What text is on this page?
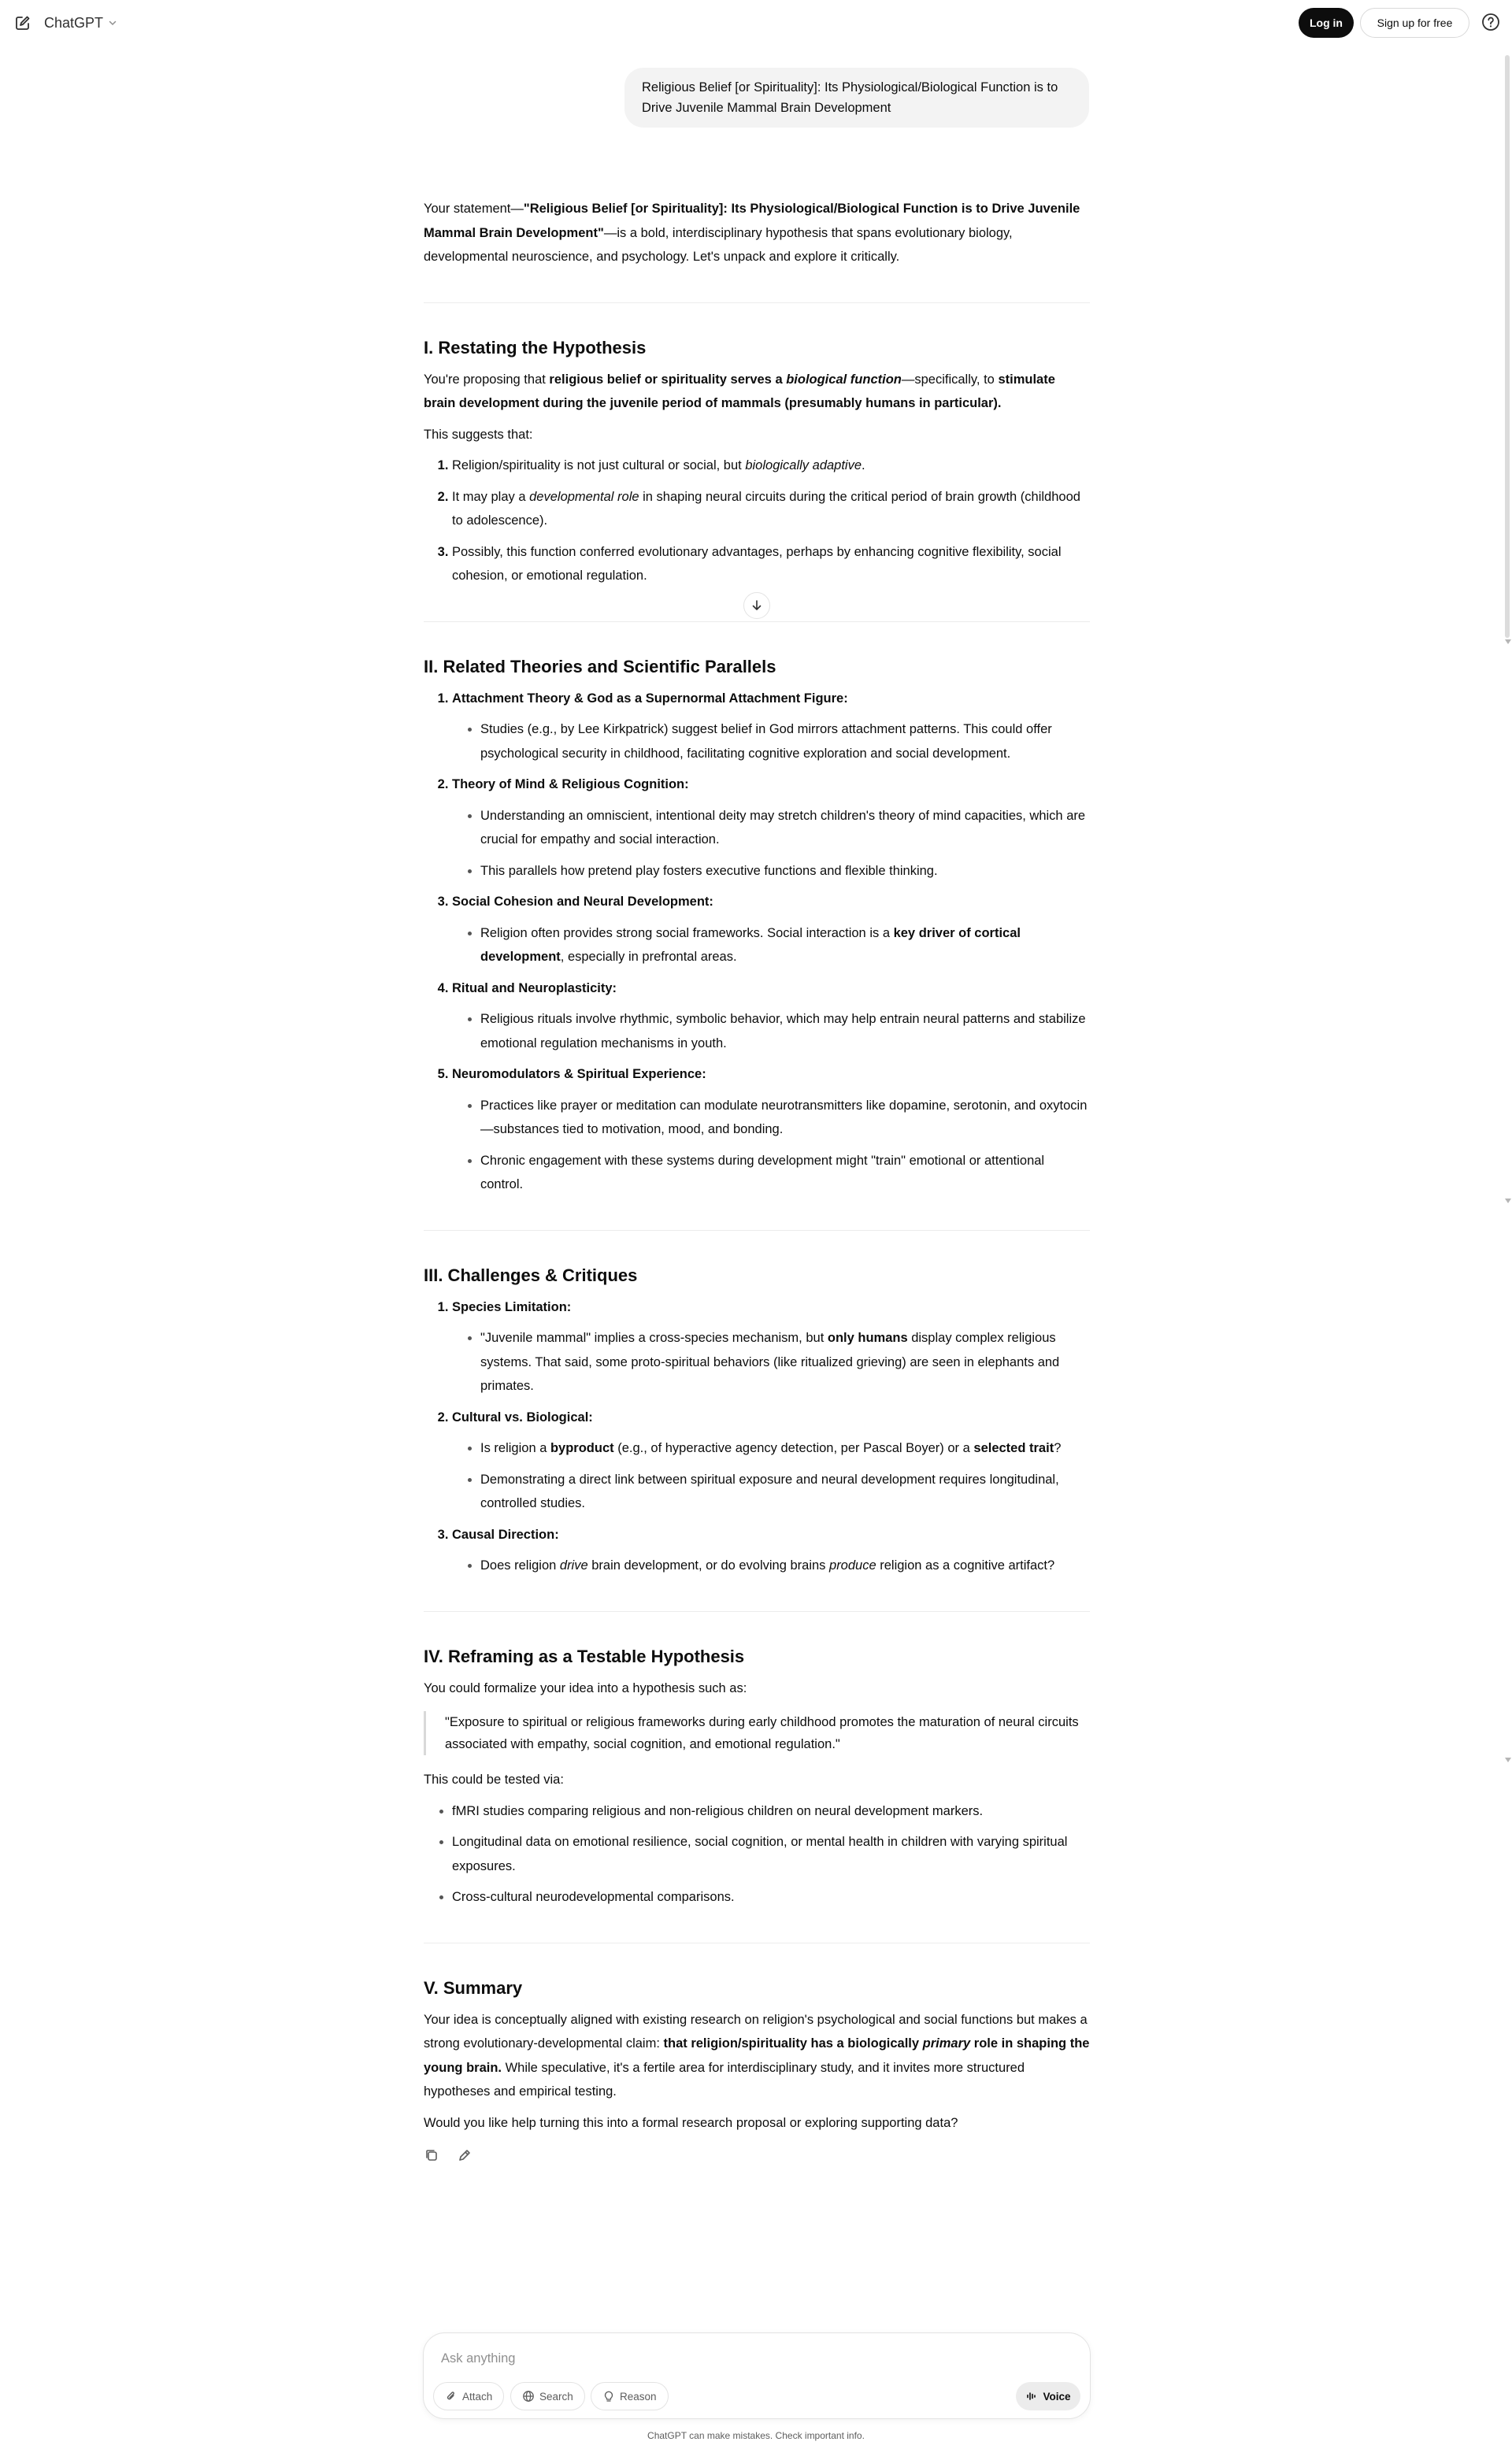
ChatGPT	Log in	Sign up for free
Religious Belief [or Spirituality]: Its Physiological/Biological Function is to Drive Juvenile Mammal Brain Development

Your statement—"Religious Belief [or Spirituality]: Its Physiological/Biological Function is to Drive Juvenile Mammal Brain Development"—is a bold, interdisciplinary hypothesis that spans evolutionary biology, developmental neuroscience, and psychology. Let's unpack and explore it critically.

I. Restating the Hypothesis

You're proposing that religious belief or spirituality serves a biological function—specifically, to stimulate brain development during the juvenile period of mammals (presumably humans in particular).

This suggests that:

1. Religion/spirituality is not just cultural or social, but biologically adaptive.
2. It may play a developmental role in shaping neural circuits during the critical period of brain growth (childhood to adolescence).
3. Possibly, this function conferred evolutionary advantages, perhaps by enhancing cognitive flexibility, social cohesion, or emotional regulation.
II. Related Theories and Scientific Parallels
1. Attachment Theory & God as a Supernormal Attachment Figure:
• Studies (e.g., by Lee Kirkpatrick) suggest belief in God mirrors attachment patterns. This could offer psychological security in childhood, facilitating cognitive exploration and social development.
2. Theory of Mind & Religious Cognition:
• Understanding an omniscient, intentional deity may stretch children's theory of mind capacities, which are crucial for empathy and social interaction.
• This parallels how pretend play fosters executive functions and flexible thinking.
3. Social Cohesion and Neural Development:
• Religion often provides strong social frameworks. Social interaction is a key driver of cortical development, especially in prefrontal areas.
4. Ritual and Neuroplasticity:
• Religious rituals involve rhythmic, symbolic behavior, which may help entrain neural patterns and stabilize emotional regulation mechanisms in youth.
5. Neuromodulators & Spiritual Experience:
• Practices like prayer or meditation can modulate neurotransmitters like dopamine, serotonin, and oxytocin—substances tied to motivation, mood, and bonding.
• Chronic engagement with these systems during development might "train" emotional or attentional control.
III. Challenges & Critiques
1. Species Limitation:
• "Juvenile mammal" implies a cross-species mechanism, but only humans display complex religious systems. That said, some proto-spiritual behaviors (like ritualized grieving) are seen in elephants and primates.
2. Cultural vs. Biological:
• Is religion a byproduct (e.g., of hyperactive agency detection, per Pascal Boyer) or a selected trait?
• Demonstrating a direct link between spiritual exposure and neural development requires longitudinal, controlled studies.
3. Causal Direction:
• Does religion drive brain development, or do evolving brains produce religion as a cognitive artifact?
IV. Reframing as a Testable Hypothesis

You could formalize your idea into a hypothesis such as:

"Exposure to spiritual or religious frameworks during early childhood promotes the maturation of neural circuits associated with empathy, social cognition, and emotional regulation."

This could be tested via:

• fMRI studies comparing religious and non-religious children on neural development markers.
• Longitudinal data on emotional resilience, social cognition, or mental health in children with varying spiritual exposures.
• Cross-cultural neurodevelopmental comparisons.
V. Summary

Your idea is conceptually aligned with existing research on religion's psychological and social functions but makes a strong evolutionary-developmental claim: that religion/spirituality has a biologically primary role in shaping the young brain. While speculative, it's a fertile area for interdisciplinary study, and it invites more structured hypotheses and empirical testing.

Would you like help turning this into a formal research proposal or exploring supporting data?

Ask anything
Attach	Search	Reason	Voice
ChatGPT can make mistakes. Check important info.
